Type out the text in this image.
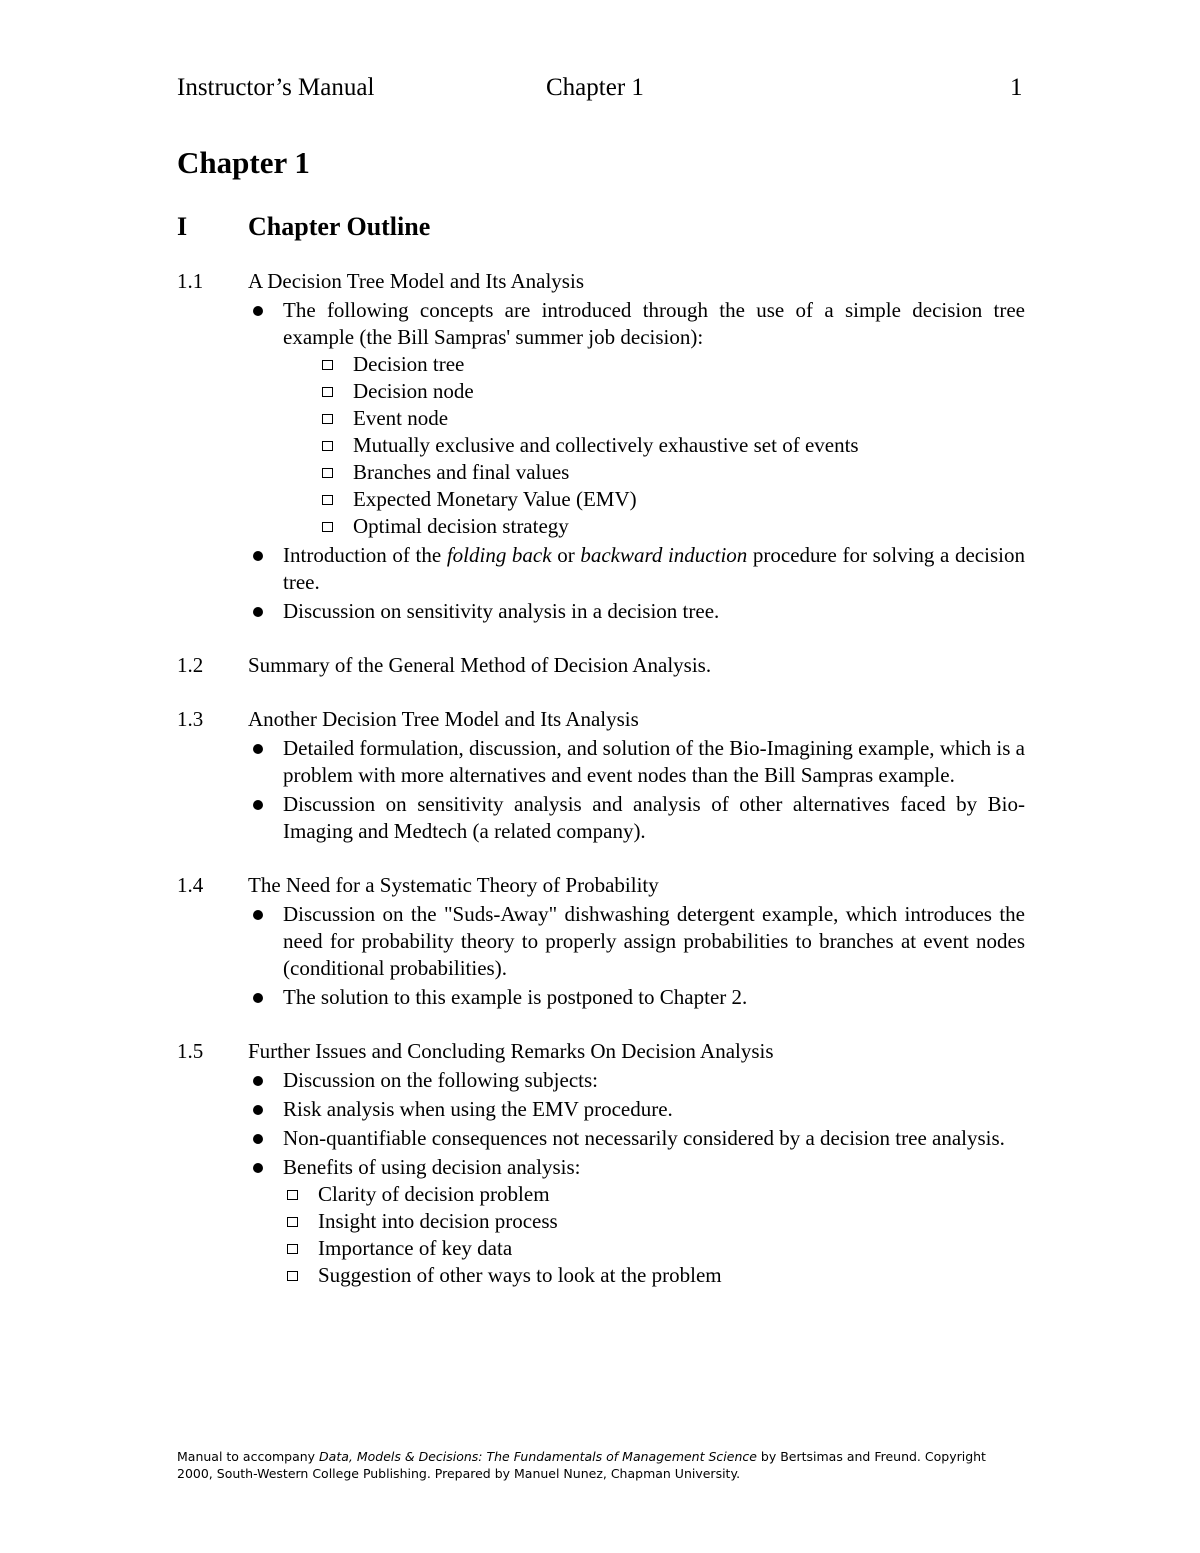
Instructor’s Manual	Chapter 1	1
Chapter 1
I Chapter Outline
1.1 A Decision Tree Model and Its Analysis
The following concepts are introduced through the use of a simple decision tree example (the Bill Sampras' summer job decision):
Decision tree
Decision node
Event node
Mutually exclusive and collectively exhaustive set of events
Branches and final values
Expected Monetary Value (EMV)
Optimal decision strategy
Introduction of the folding back or backward induction procedure for solving a decision tree.
Discussion on sensitivity analysis in a decision tree.
1.2 Summary of the General Method of Decision Analysis.
1.3 Another Decision Tree Model and Its Analysis
Detailed formulation, discussion, and solution of the Bio-Imagining example, which is a problem with more alternatives and event nodes than the Bill Sampras example.
Discussion on sensitivity analysis and analysis of other alternatives faced by Bio-Imaging and Medtech (a related company).
1.4 The Need for a Systematic Theory of Probability
Discussion on the "Suds-Away" dishwashing detergent example, which introduces the need for probability theory to properly assign probabilities to branches at event nodes (conditional probabilities).
The solution to this example is postponed to Chapter 2.
1.5 Further Issues and Concluding Remarks On Decision Analysis
Discussion on the following subjects:
Risk analysis when using the EMV procedure.
Non-quantifiable consequences not necessarily considered by a decision tree analysis.
Benefits of using decision analysis:
Clarity of decision problem
Insight into decision process
Importance of key data
Suggestion of other ways to look at the problem
Manual to accompany Data, Models & Decisions: The Fundamentals of Management Science by Bertsimas and Freund. Copyright 2000, South-Western College Publishing. Prepared by Manuel Nunez, Chapman University.
